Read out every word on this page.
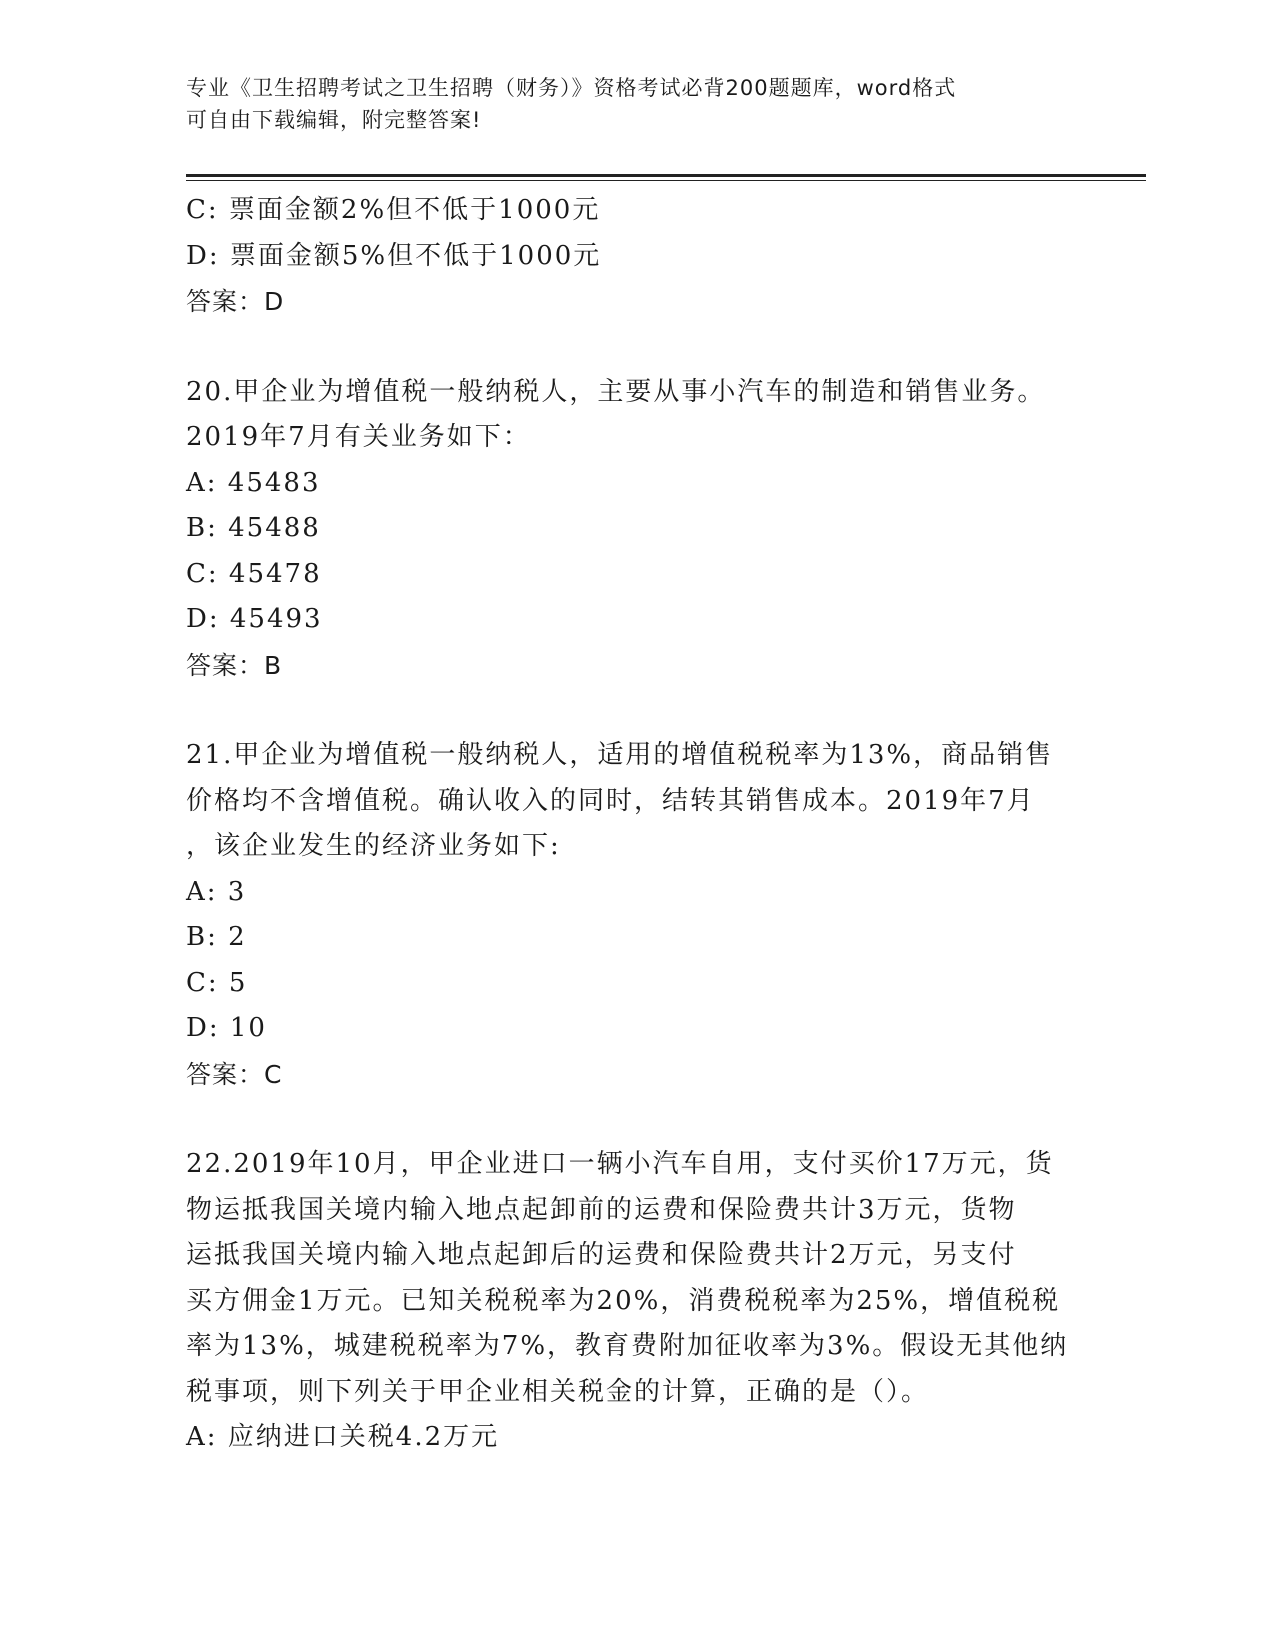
专业《卫生招聘考试之卫生招聘（财务）》资格考试必背200题题库，word格式
可自由下载编辑，附完整答案!
C: 票面金额2%但不低于1000元
D: 票面金额5%但不低于1000元
答案：D
20.甲企业为增值税一般纳税人，主要从事小汽车的制造和销售业务。
2019年7月有关业务如下：
A: 45483
B: 45488
C: 45478
D: 45493
答案：B
21.甲企业为增值税一般纳税人，适用的增值税税率为13%，商品销售
价格均不含增值税。确认收入的同时，结转其销售成本。2019年7月
，该企业发生的经济业务如下:
A: 3
B: 2
C: 5
D: 10
答案：C
22.2019年10月，甲企业进口一辆小汽车自用，支付买价17万元，货
物运抵我国关境内输入地点起卸前的运费和保险费共计3万元，货物
运抵我国关境内输入地点起卸后的运费和保险费共计2万元，另支付
买方佣金1万元。已知关税税率为20%，消费税税率为25%，增值税税
率为13%，城建税税率为7%，教育费附加征收率为3%。假设无其他纳
税事项，则下列关于甲企业相关税金的计算，正确的是（）。
A: 应纳进口关税4.2万元
